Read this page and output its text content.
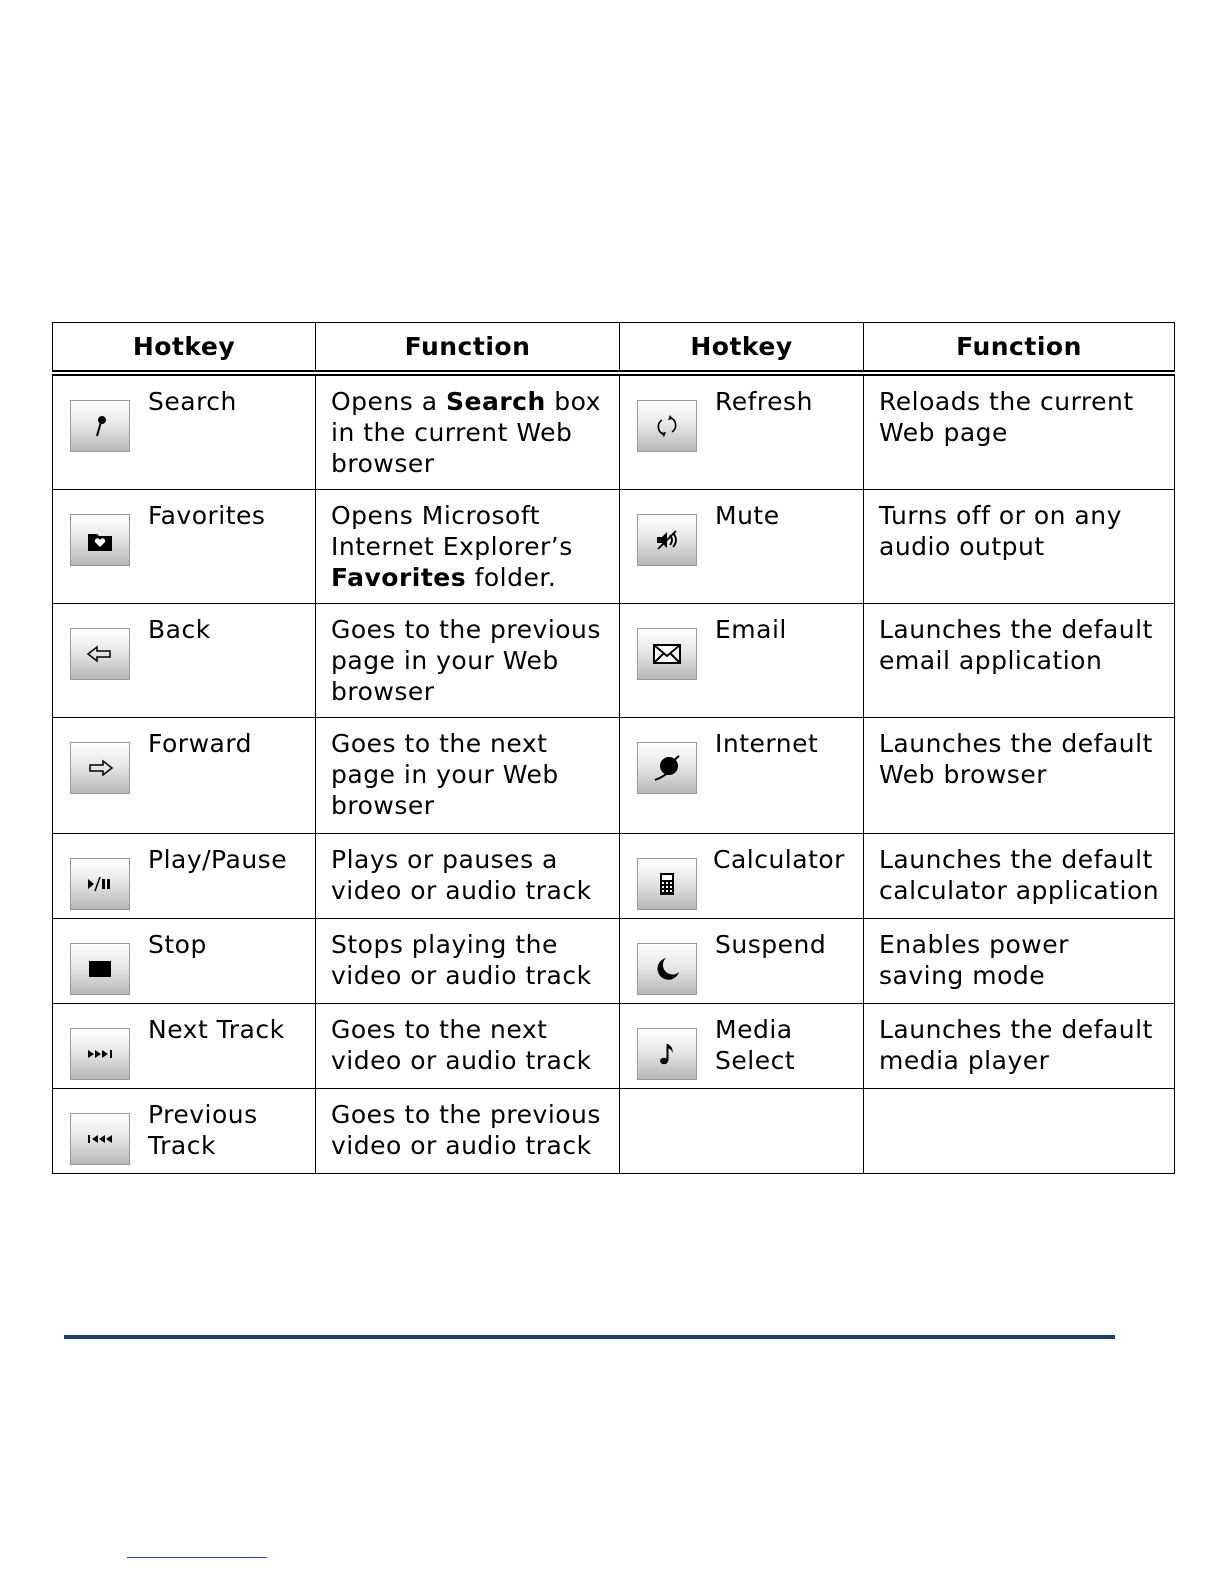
Hotkey	Function	Hotkey	Function

Search	Opens a Search box in the current Web browser	Refresh	Reloads the current Web page

Favorites	Opens Microsoft Internet Explorer’s Favorites folder.	Mute	Turns off or on any audio output

Back	Goes to the previous page in your Web browser	Email	Launches the default email application

Forward	Goes to the next page in your Web browser	Internet	Launches the default Web browser

Play/Pause	Plays or pauses a video or audio track	Calculator	Launches the default calculator application

Stop	Stops playing the video or audio track	Suspend	Enables power saving mode

Next Track	Goes to the next video or audio track	Media Select	Launches the default media player

Previous Track	Goes to the previous video or audio track		
